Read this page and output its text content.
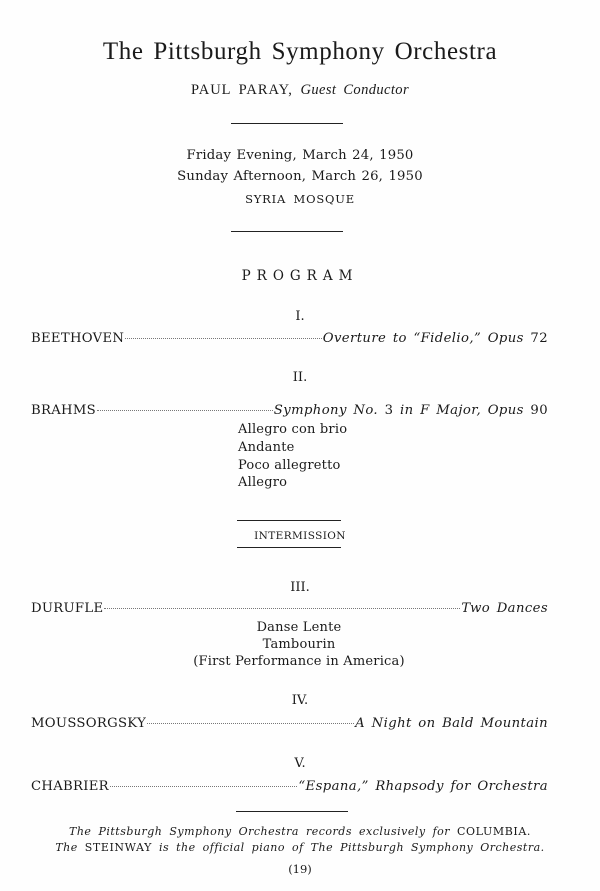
The Pittsburgh Symphony Orchestra
PAUL PARAY, Guest Conductor
Friday Evening, March 24, 1950
Sunday Afternoon, March 26, 1950
SYRIA MOSQUE
PROGRAM
I.
BEETHOVEN	Overture to “Fidelio,” Opus 72
II.
BRAHMS	Symphony No. 3 in F Major, Opus 90
Allegro con brio
Andante
Poco allegretto
Allegro
INTERMISSION
III.
DURUFLE	Two Dances
Danse Lente
Tambourin
(First Performance in America)
IV.
MOUSSORGSKY	A Night on Bald Mountain
V.
CHABRIER	“Espana,” Rhapsody for Orchestra
The Pittsburgh Symphony Orchestra records exclusively for COLUMBIA.
The STEINWAY is the official piano of The Pittsburgh Symphony Orchestra.
(19)
